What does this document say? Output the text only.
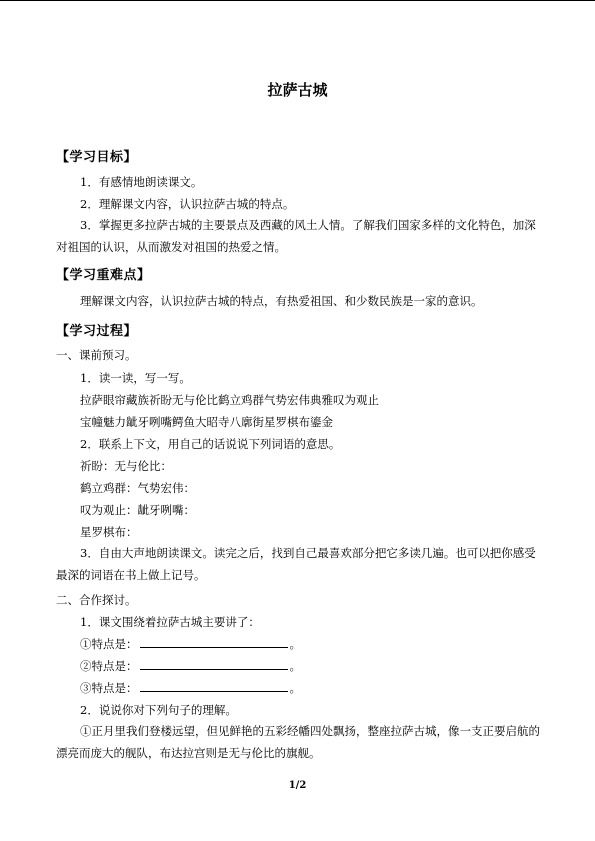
拉萨古城
【学习目标】
1．有感情地朗读课文。
2．理解课文内容，认识拉萨古城的特点。
3．掌握更多拉萨古城的主要景点及西藏的风土人情。了解我们国家多样的文化特色，加深对祖国的认识，从而激发对祖国的热爱之情。
【学习重难点】
理解课文内容，认识拉萨古城的特点，有热爱祖国、和少数民族是一家的意识。
【学习过程】
一、课前预习。
1．读一读，写一写。
拉萨眼帘藏族祈盼无与伦比鹤立鸡群气势宏伟典雅叹为观止
宝幢魅力龇牙咧嘴鳄鱼大昭寺八廓街星罗棋布鎏金
2．联系上下文，用自己的话说说下列词语的意思。
祈盼：无与伦比：
鹤立鸡群：气势宏伟：
叹为观止：龇牙咧嘴：
星罗棋布：
3．自由大声地朗读课文。读完之后，找到自己最喜欢部分把它多读几遍。也可以把你感受最深的词语在书上做上记号。
二、合作探讨。
1．课文围绕着拉萨古城主要讲了：
①特点是：	。
②特点是：	。
③特点是：	。
2．说说你对下列句子的理解。
①正月里我们登楼远望，但见鲜艳的五彩经幡四处飘扬，整座拉萨古城，像一支正要启航的漂亮而庞大的舰队，布达拉宫则是无与伦比的旗舰。
1/2
